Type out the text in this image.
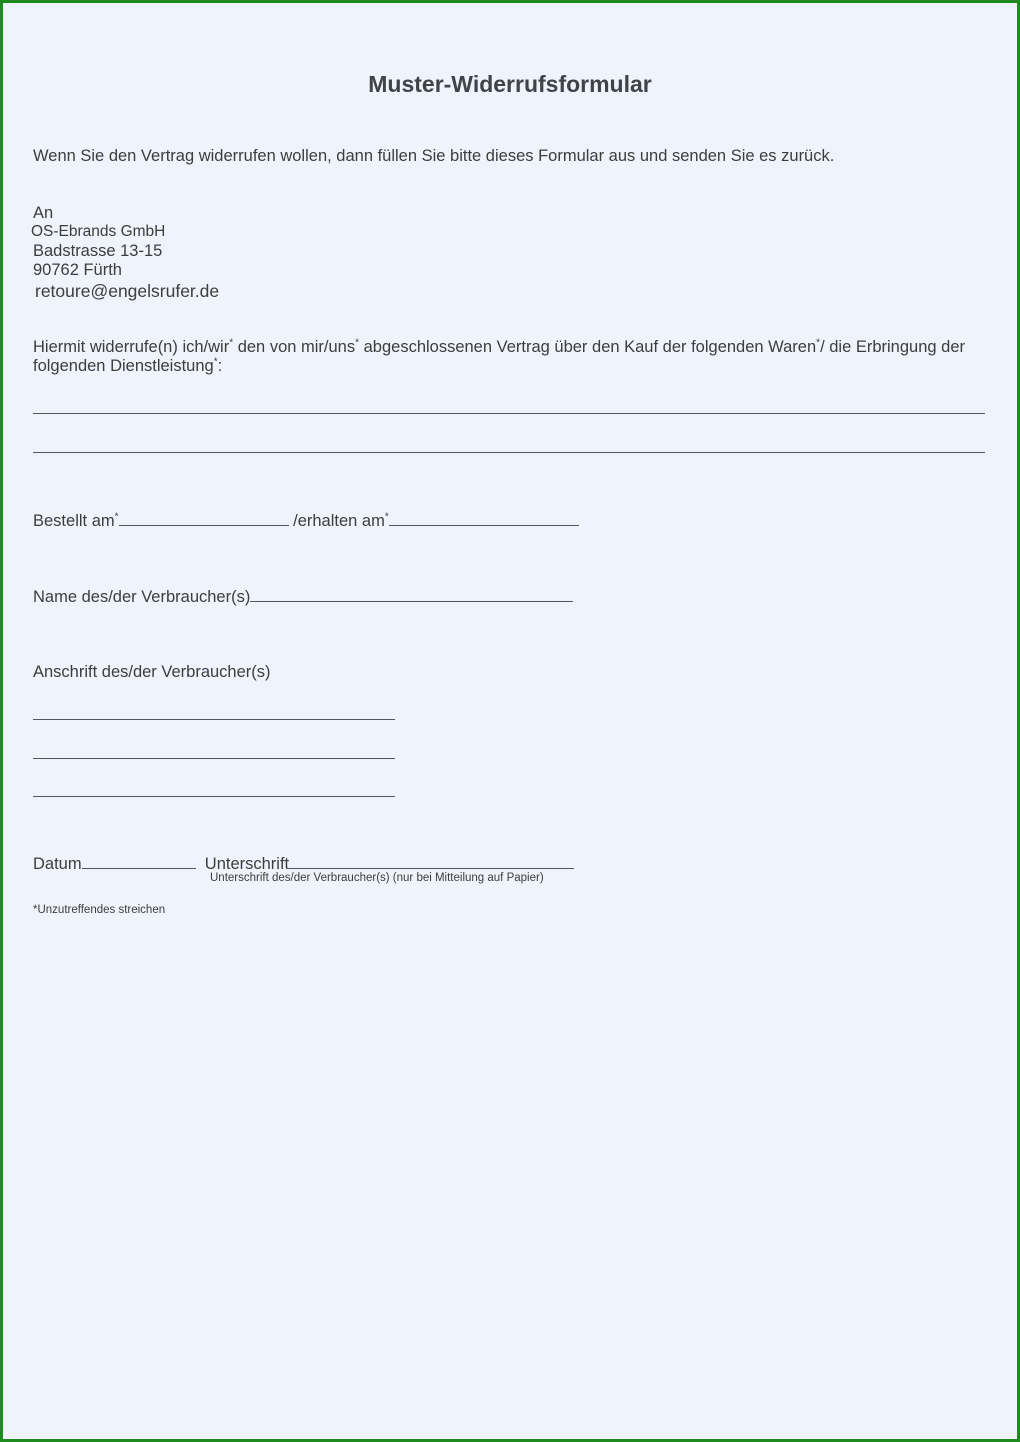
Muster-Widerrufsformular
Wenn Sie den Vertrag widerrufen wollen, dann füllen Sie bitte dieses Formular aus und senden Sie es zurück.
An
OS-Ebrands GmbH
Badstrasse 13-15
90762 Fürth
retoure@engelsrufer.de
Hiermit widerrufe(n) ich/wir* den von mir/uns* abgeschlossenen Vertrag über den Kauf der folgenden Waren*/ die Erbringung der
folgenden Dienstleistung*:
Bestellt am*	/erhalten am*
Name des/der Verbraucher(s)
Anschrift des/der Verbraucher(s)
Datum	Unterschrift
Unterschrift des/der Verbraucher(s) (nur bei Mitteilung auf Papier)
*Unzutreffendes streichen
